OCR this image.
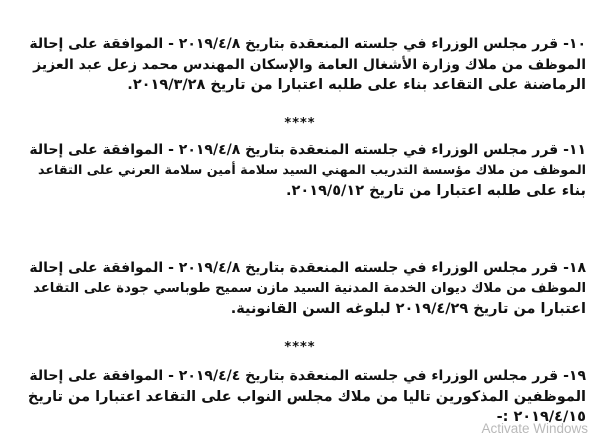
١٠- قرر مجلس الوزراء في جلسته المنعقدة بتاريخ ٢٠١٩/٤/٨ - الموافقة على إحالة
الموظف من ملاك وزارة الأشغال العامة والإسكان المهندس محمد زعل عبد العزيز
الرماضنة على التقاعد بناء على طلبه اعتبارا من تاريخ ٢٠١٩/٣/٢٨.
****
١١- قرر مجلس الوزراء في جلسته المنعقدة بتاريخ ٢٠١٩/٤/٨ - الموافقة على إحالة
الموظف من ملاك مؤسسة التدريب المهني السيد سلامة أمين سلامة العرني على التقاعد
بناء على طلبه اعتبارا من تاريخ ٢٠١٩/٥/١٢.
١٨- قرر مجلس الوزراء في جلسته المنعقدة بتاريخ ٢٠١٩/٤/٨ - الموافقة على إحالة
الموظف من ملاك ديوان الخدمة المدنية السيد مازن سميح طوباسي جودة على التقاعد
اعتبارا من تاريخ ٢٠١٩/٤/٢٩ لبلوغه السن القانونية.
****
١٩- قرر مجلس الوزراء في جلسته المنعقدة بتاريخ ٢٠١٩/٤/٤ - الموافقة على إحالة
الموظفين المذكورين تاليا من ملاك مجلس النواب على التقاعد اعتبارا من تاريخ
٢٠١٩/٤/١٥ :-
Activate Windows
